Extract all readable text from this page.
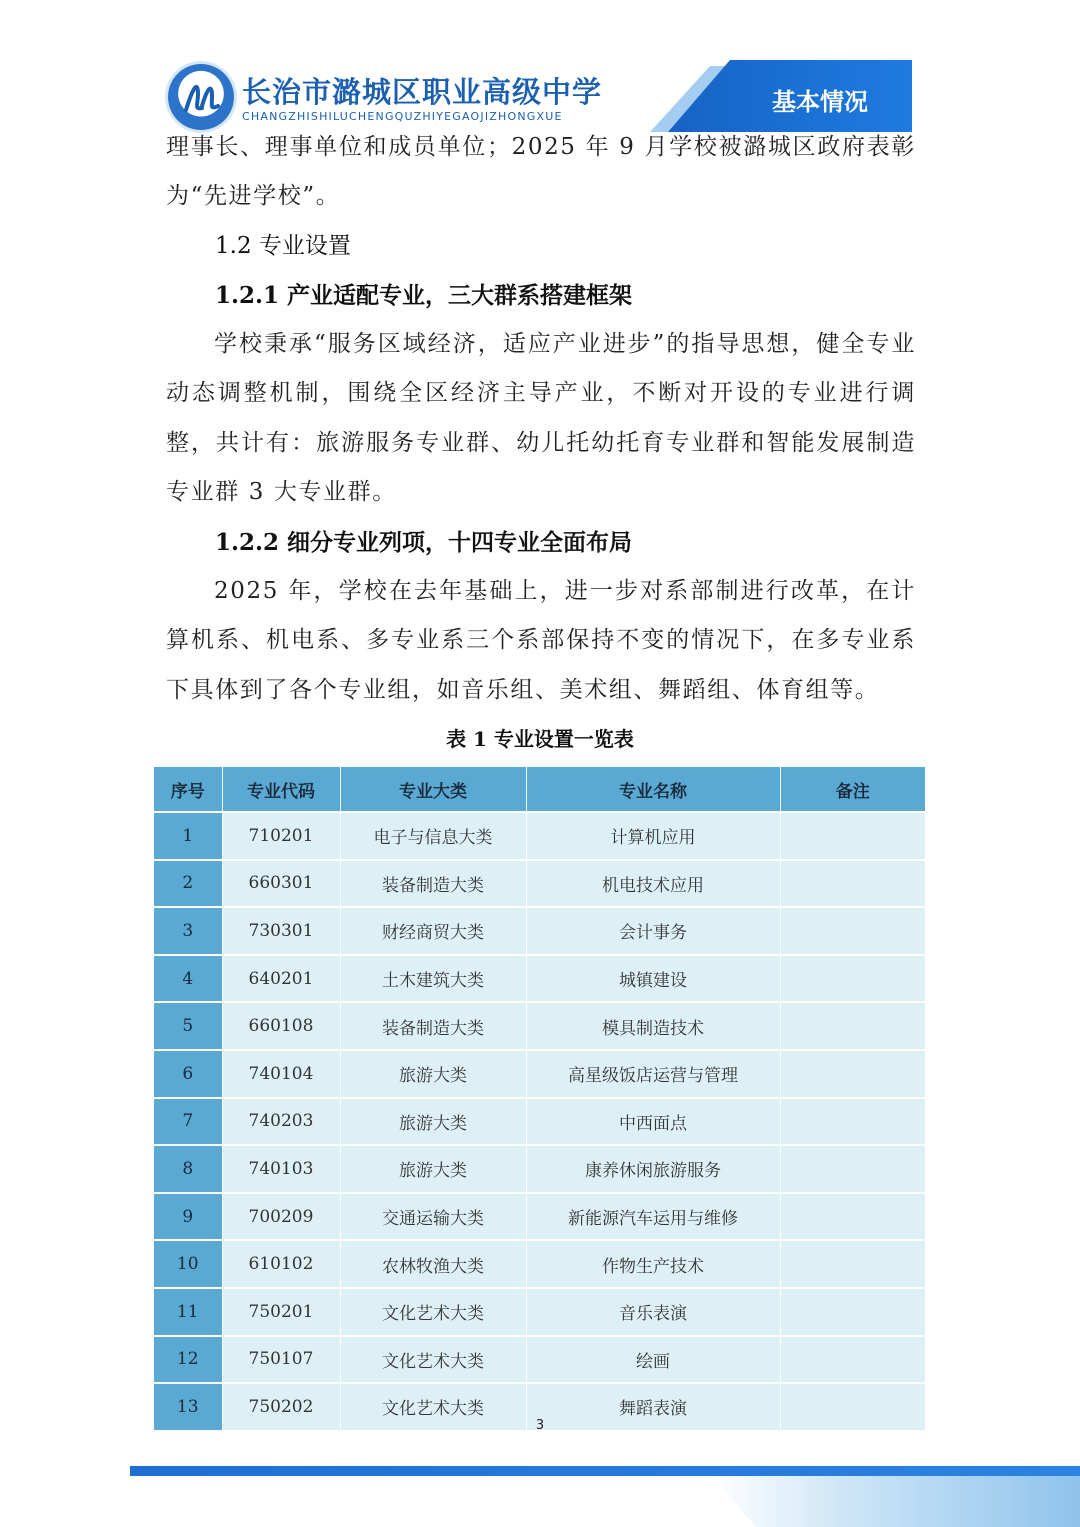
长治市潞城区职业高级中学
CHANGZHISHILUCHENGQUZHIYEGAOJIZHONGXUE
基本情况
理事长、理事单位和成员单位；2025 年 9 月学校被潞城区政府表彰为“先进学校”。
1.2 专业设置
1.2.1 产业适配专业，三大群系搭建框架
学校秉承“服务区域经济，适应产业进步”的指导思想，健全专业动态调整机制，围绕全区经济主导产业，不断对开设的专业进行调整，共计有：旅游服务专业群、幼儿托幼托育专业群和智能发展制造专业群 3 大专业群。
1.2.2 细分专业列项，十四专业全面布局
2025 年，学校在去年基础上，进一步对系部制进行改革，在计算机系、机电系、多专业系三个系部保持不变的情况下，在多专业系下具体到了各个专业组，如音乐组、美术组、舞蹈组、体育组等。
表 1 专业设置一览表
序号	专业代码	专业大类	专业名称	备注
1	710201	电子与信息大类	计算机应用	
2	660301	装备制造大类	机电技术应用	
3	730301	财经商贸大类	会计事务	
4	640201	土木建筑大类	城镇建设	
5	660108	装备制造大类	模具制造技术	
6	740104	旅游大类	高星级饭店运营与管理	
7	740203	旅游大类	中西面点	
8	740103	旅游大类	康养休闲旅游服务	
9	700209	交通运输大类	新能源汽车运用与维修	
10	610102	农林牧渔大类	作物生产技术	
11	750201	文化艺术大类	音乐表演	
12	750107	文化艺术大类	绘画	
13	750202	文化艺术大类	舞蹈表演	
3
